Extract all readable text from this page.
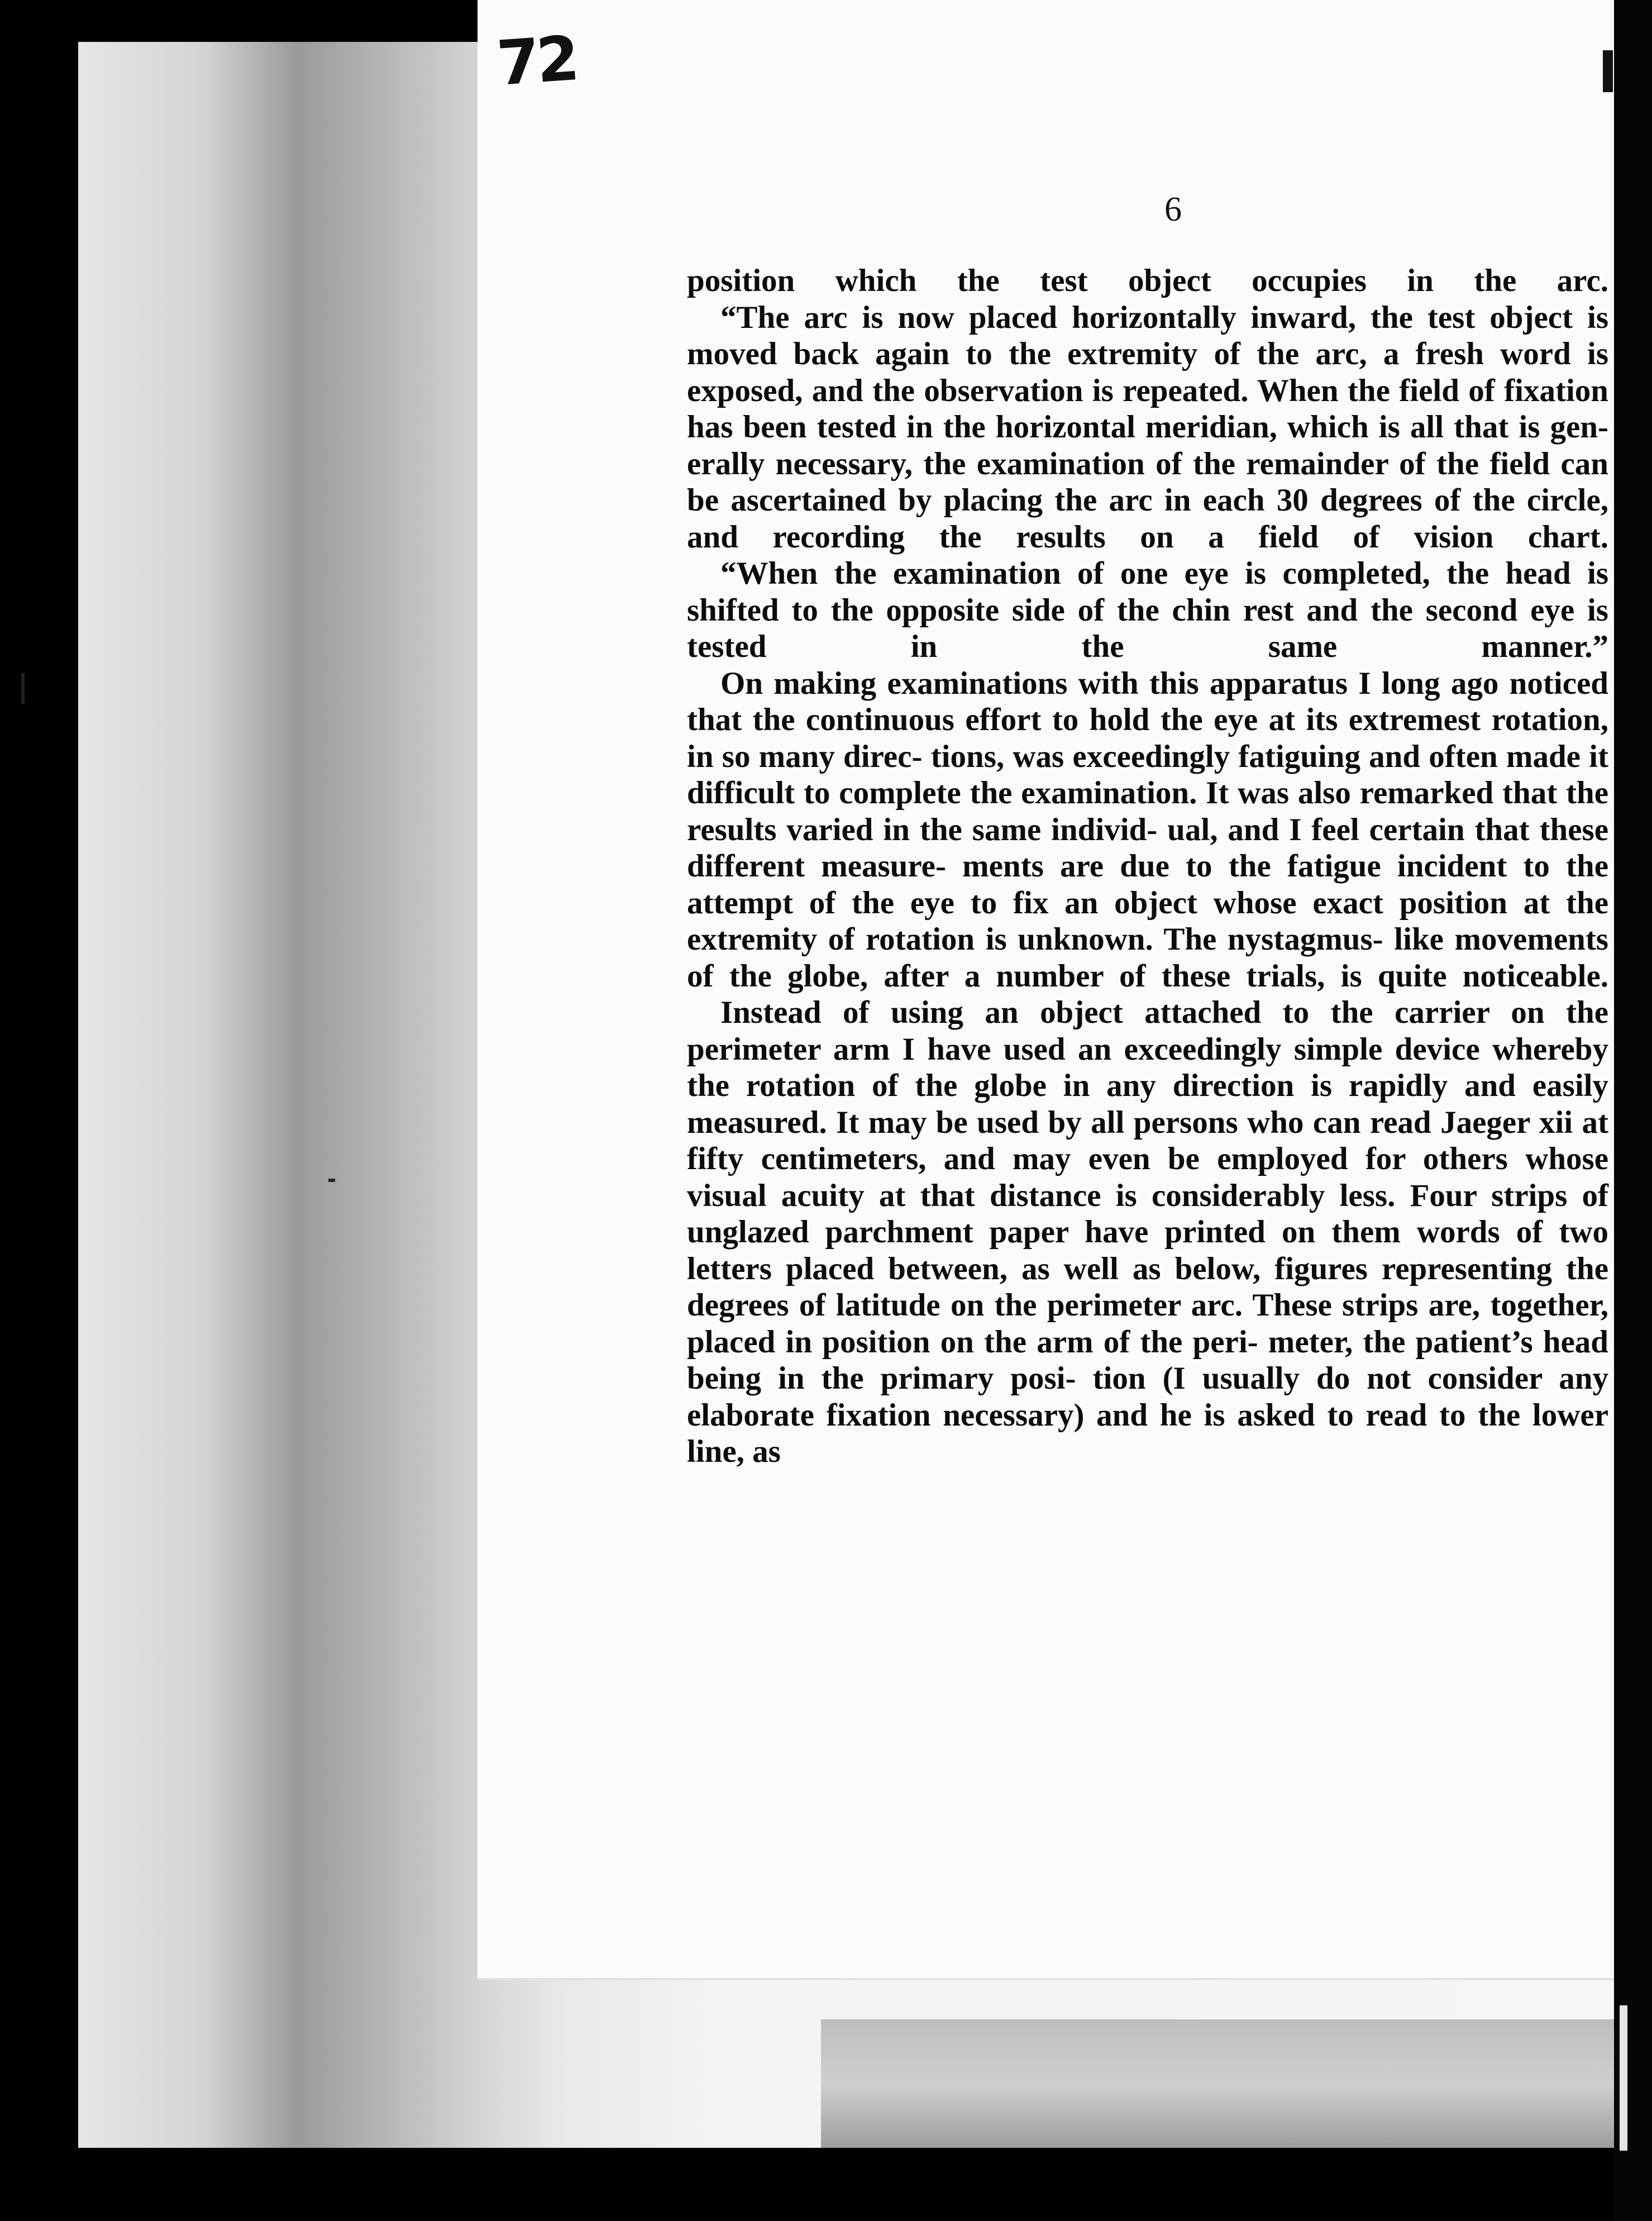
72
6

position which the test object occupies in the arc.

“The arc is now placed horizontally inward, the test object is moved back again to the extremity of the arc, a fresh word is exposed, and the observation is repeated. When the field of fixation has been tested in the horizontal meridian, which is all that is gen- erally necessary, the examination of the remainder of the field can be ascertained by placing the arc in each 30 degrees of the circle, and recording the results on a field of vision chart.

“When the examination of one eye is completed, the head is shifted to the opposite side of the chin rest and the second eye is tested in the same manner.”

On making examinations with this apparatus I long ago noticed that the continuous effort to hold the eye at its extremest rotation, in so many direc- tions, was exceedingly fatiguing and often made it difficult to complete the examination. It was also remarked that the results varied in the same individ- ual, and I feel certain that these different measure- ments are due to the fatigue incident to the attempt of the eye to fix an object whose exact position at the extremity of rotation is unknown. The nystagmus- like movements of the globe, after a number of these trials, is quite noticeable.

Instead of using an object attached to the carrier on the perimeter arm I have used an exceedingly simple device whereby the rotation of the globe in any direction is rapidly and easily measured. It may be used by all persons who can read Jaeger xii at fifty centimeters, and may even be employed for others whose visual acuity at that distance is considerably less. Four strips of unglazed parchment paper have printed on them words of two letters placed between, as well as below, figures representing the degrees of latitude on the perimeter arc. These strips are, together, placed in position on the arm of the peri- meter, the patient’s head being in the primary posi- tion (I usually do not consider any elaborate fixation necessary) and he is asked to read to the lower line, as
